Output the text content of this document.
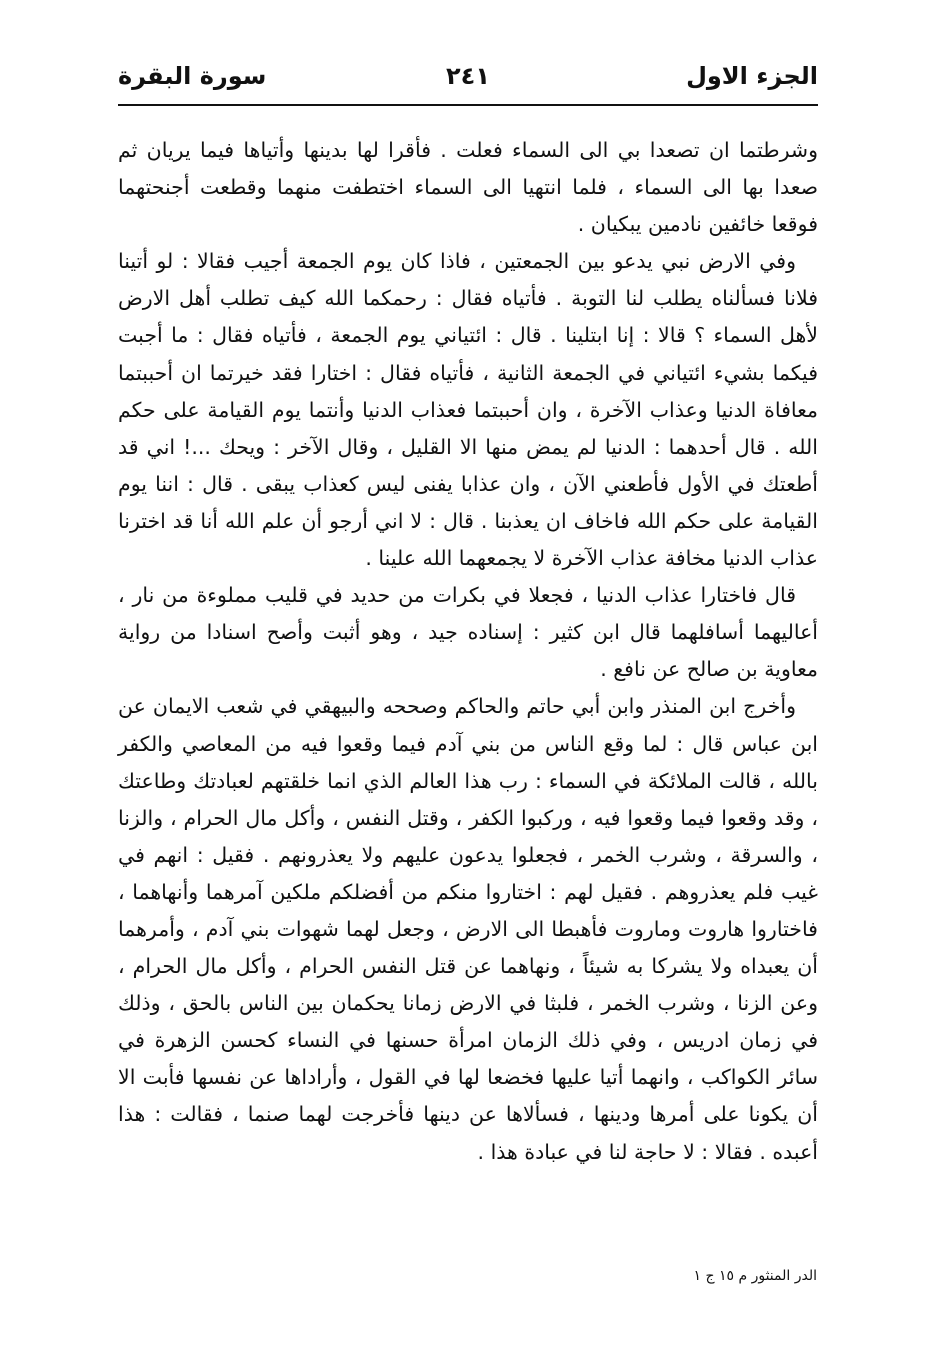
الجزء الاول
٢٤١
سورة البقرة

وشرطتما ان تصعدا بي الى السماء فعلت . فأقرا لها بدينها وأتياها فيما يريان ثم صعدا بها الى السماء ، فلما انتهيا الى السماء اختطفت منهما وقطعت أجنحتهما فوقعا خائفين نادمين يبكيان .

وفي الارض نبي يدعو بين الجمعتين ، فاذا كان يوم الجمعة أجيب فقالا : لو أتينا فلانا فسألناه يطلب لنا التوبة . فأتياه فقال : رحمكما الله كيف تطلب أهل الارض لأهل السماء ؟ قالا : إنا ابتلينا . قال : ائتياني يوم الجمعة ، فأتياه فقال : ما أجبت فيكما بشيء ائتياني في الجمعة الثانية ، فأتياه فقال : اختارا فقد خيرتما ان أحببتما معافاة الدنيا وعذاب الآخرة ، وان أحببتما فعذاب الدنيا وأنتما يوم القيامة على حكم الله . قال أحدهما : الدنيا لم يمض منها الا القليل ، وقال الآخر : ويحك ...! اني قد أطعتك في الأول فأطعني الآن ، وان عذابا يفنى ليس كعذاب يبقى . قال : اننا يوم القيامة على حكم الله فاخاف ان يعذبنا . قال : لا اني أرجو أن علم الله أنا قد اخترنا عذاب الدنيا مخافة عذاب الآخرة لا يجمعهما الله علينا .

قال فاختارا عذاب الدنيا ، فجعلا في بكرات من حديد في قليب مملوءة من نار ، أعاليهما أسافلهما قال ابن كثير : إسناده جيد ، وهو أثبت وأصح اسنادا من رواية معاوية بن صالح عن نافع .

وأخرج ابن المنذر وابن أبي حاتم والحاكم وصححه والبيهقي في شعب الايمان عن ابن عباس قال : لما وقع الناس من بني آدم فيما وقعوا فيه من المعاصي والكفر بالله ، قالت الملائكة في السماء : رب هذا العالم الذي انما خلقتهم لعبادتك وطاعتك ، وقد وقعوا فيما وقعوا فيه ، وركبوا الكفر ، وقتل النفس ، وأكل مال الحرام ، والزنا ، والسرقة ، وشرب الخمر ، فجعلوا يدعون عليهم ولا يعذرونهم . فقيل : انهم في غيب فلم يعذروهم . فقيل لهم : اختاروا منكم من أفضلكم ملكين آمرهما وأنهاهما ، فاختاروا هاروت وماروت فأهبطا الى الارض ، وجعل لهما شهوات بني آدم ، وأمرهما أن يعبداه ولا يشركا به شيئاً ، ونهاهما عن قتل النفس الحرام ، وأكل مال الحرام ، وعن الزنا ، وشرب الخمر ، فلبثا في الارض زمانا يحكمان بين الناس بالحق ، وذلك في زمان ادريس ، وفي ذلك الزمان امرأة حسنها في النساء كحسن الزهرة في سائر الكواكب ، وانهما أتيا عليها فخضعا لها في القول ، وأراداها عن نفسها فأبت الا أن يكونا على أمرها ودينها ، فسألاها عن دينها فأخرجت لهما صنما ، فقالت : هذا أعبده . فقالا : لا حاجة لنا في عبادة هذا .

الدر المنثور م ١٥ ج ١
